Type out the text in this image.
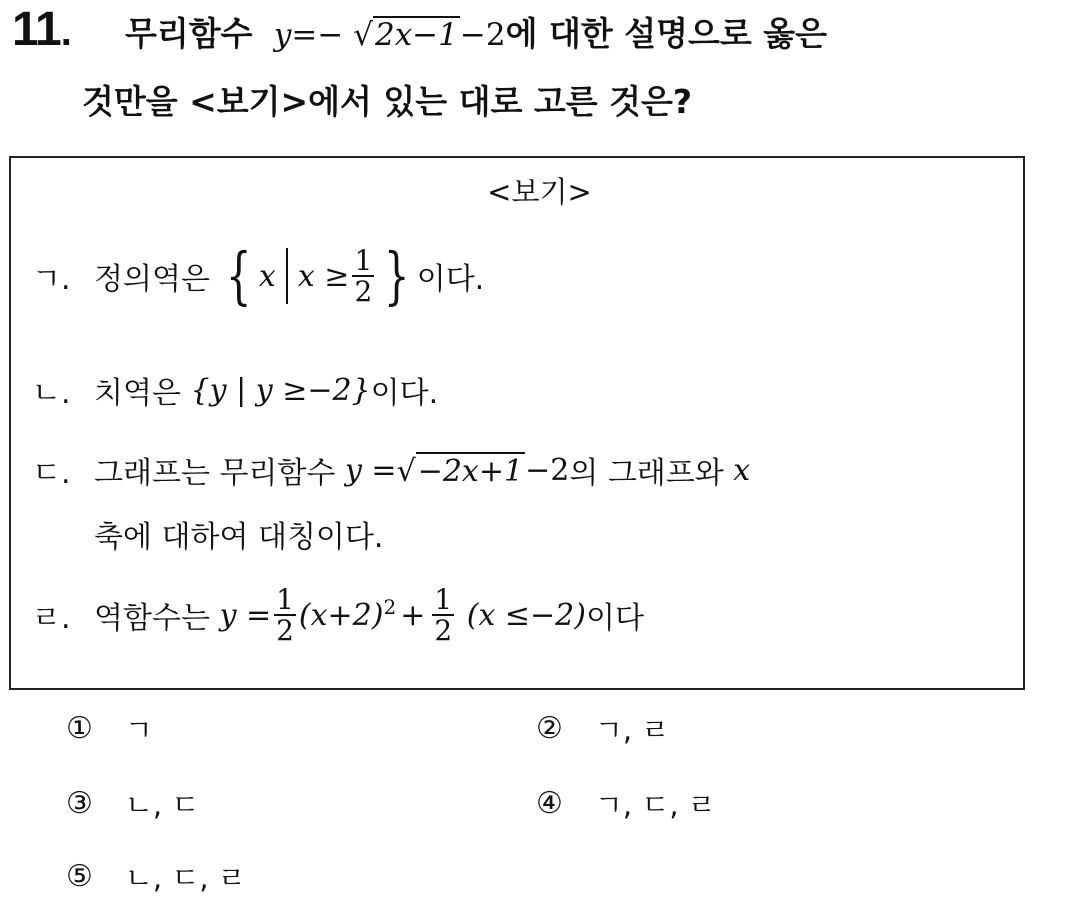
11. 무리함수 y=− √ 2x−1 −2에 대한 설명으로 옳은
것만을 <보기>에서 있는 대로 고른 것은?
<보기>
ㄱ. 정의역은
{ x $x \ge \frac{1}{2}$ } 이다.
ㄴ. 치역은
{y | y ≥−2} 이다.
ㄷ. 그래프는 무리함수
y = √ −2x+1 −2 의 그래프와
x
축에 대하여 대칭이다.
ㄹ. 역함수는
$y = \frac{1}{2} (x+2)^2 + \frac{1}{2}$
(x ≤−2) 이다
① ㄱ	② ㄱ, ㄹ
③ ㄴ, ㄷ	④ ㄱ, ㄷ, ㄹ
⑤ ㄴ, ㄷ, ㄹ
